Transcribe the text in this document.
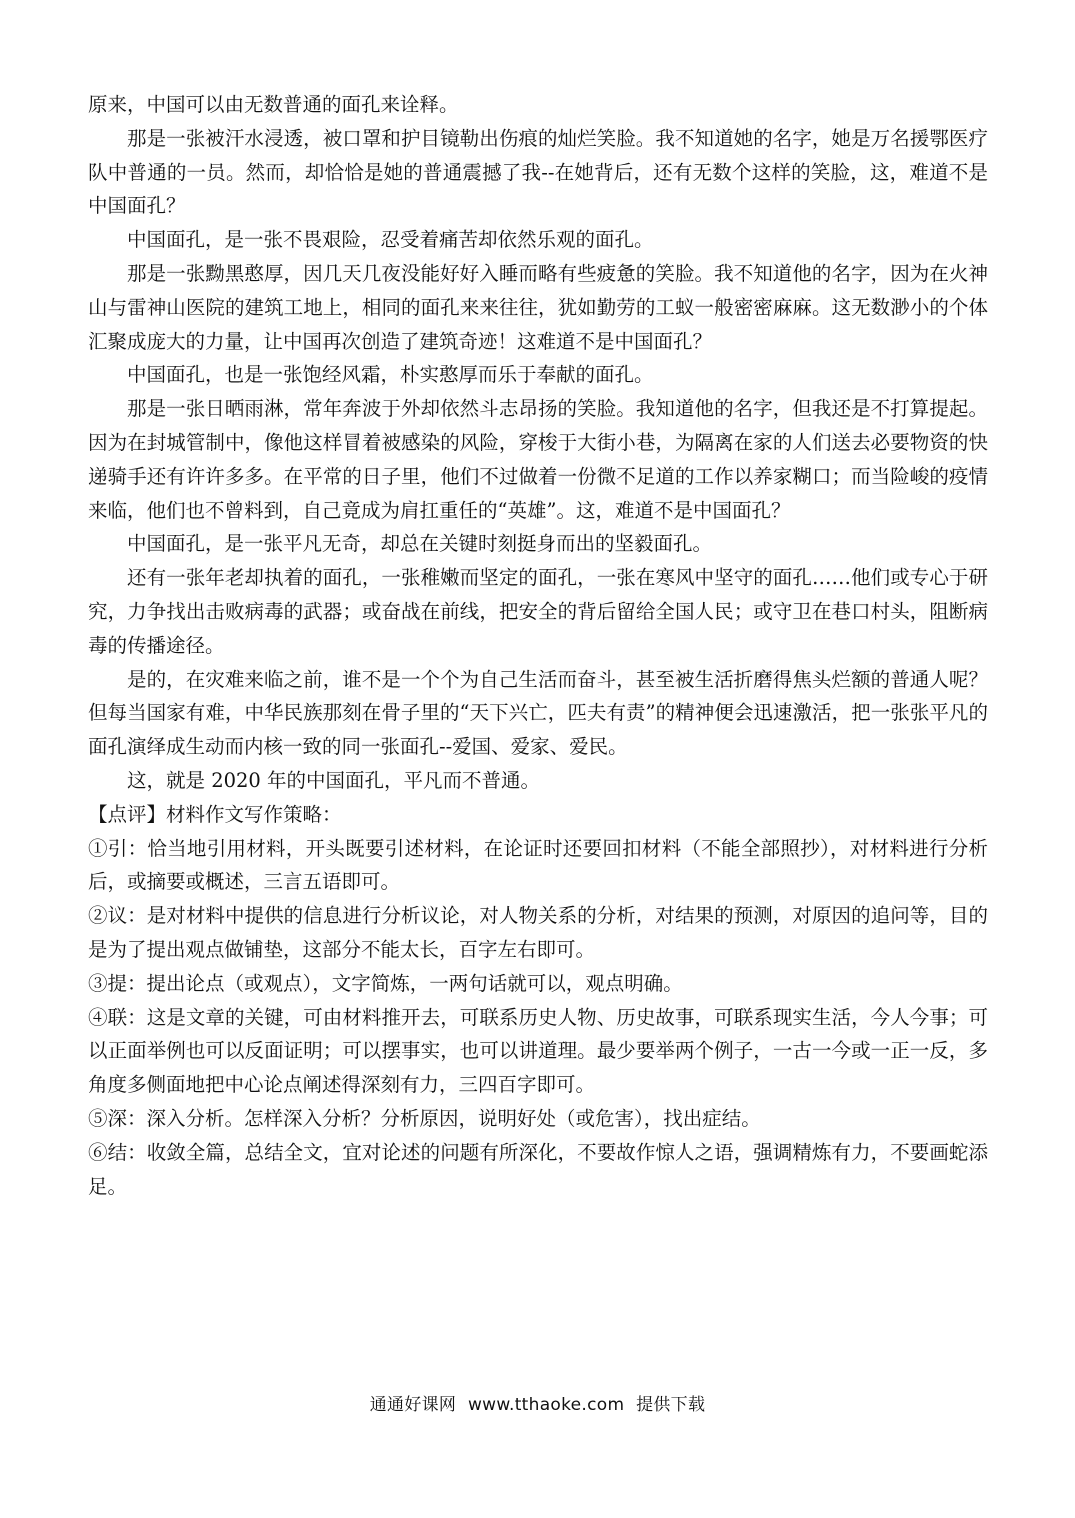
原来，中国可以由无数普通的面孔来诠释。

那是一张被汗水浸透，被口罩和护目镜勒出伤痕的灿烂笑脸。我不知道她的名字，她是万名援鄂医疗队中普通的一员。然而，却恰恰是她的普通震撼了我--在她背后，还有无数个这样的笑脸，这，难道不是中国面孔？

中国面孔，是一张不畏艰险，忍受着痛苦却依然乐观的面孔。

那是一张黝黑憨厚，因几天几夜没能好好入睡而略有些疲惫的笑脸。我不知道他的名字，因为在火神山与雷神山医院的建筑工地上，相同的面孔来来往往，犹如勤劳的工蚁一般密密麻麻。这无数渺小的个体汇聚成庞大的力量，让中国再次创造了建筑奇迹！这难道不是中国面孔？

中国面孔，也是一张饱经风霜，朴实憨厚而乐于奉献的面孔。

那是一张日晒雨淋，常年奔波于外却依然斗志昂扬的笑脸。我知道他的名字，但我还是不打算提起。因为在封城管制中，像他这样冒着被感染的风险，穿梭于大街小巷，为隔离在家的人们送去必要物资的快递骑手还有许许多多。在平常的日子里，他们不过做着一份微不足道的工作以养家糊口；而当险峻的疫情来临，他们也不曾料到，自己竟成为肩扛重任的“英雄”。这，难道不是中国面孔？

中国面孔，是一张平凡无奇，却总在关键时刻挺身而出的坚毅面孔。

还有一张年老却执着的面孔，一张稚嫩而坚定的面孔，一张在寒风中坚守的面孔……他们或专心于研究，力争找出击败病毒的武器；或奋战在前线，把安全的背后留给全国人民；或守卫在巷口村头，阻断病毒的传播途径。

是的，在灾难来临之前，谁不是一个个为自己生活而奋斗，甚至被生活折磨得焦头烂额的普通人呢？但每当国家有难，中华民族那刻在骨子里的“天下兴亡，匹夫有责”的精神便会迅速激活，把一张张平凡的面孔演绎成生动而内核一致的同一张面孔--爱国、爱家、爱民。

这，就是 2020 年的中国面孔，平凡而不普通。

【点评】材料作文写作策略：

①引：恰当地引用材料，开头既要引述材料，在论证时还要回扣材料（不能全部照抄），对材料进行分析后，或摘要或概述，三言五语即可。

②议：是对材料中提供的信息进行分析议论，对人物关系的分析，对结果的预测，对原因的追问等，目的是为了提出观点做铺垫，这部分不能太长，百字左右即可。

③提：提出论点（或观点），文字简炼，一两句话就可以，观点明确。

④联：这是文章的关键，可由材料推开去，可联系历史人物、历史故事，可联系现实生活，今人今事；可以正面举例也可以反面证明；可以摆事实，也可以讲道理。最少要举两个例子，一古一今或一正一反，多角度多侧面地把中心论点阐述得深刻有力，三四百字即可。

⑤深：深入分析。怎样深入分析？分析原因，说明好处（或危害），找出症结。

⑥结：收敛全篇，总结全文，宜对论述的问题有所深化，不要故作惊人之语，强调精炼有力，不要画蛇添足。

通通好课网 www.tthaoke.com 提供下载
